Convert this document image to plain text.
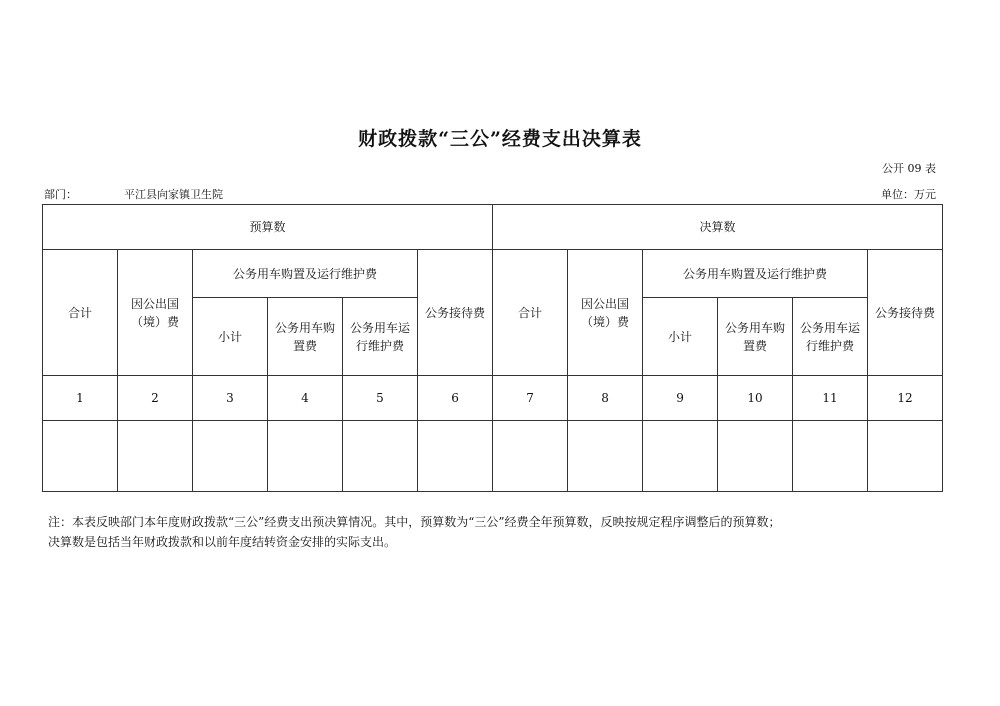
财政拨款“三公”经费支出决算表
公开 09 表
部门：	平江县向家镇卫生院	单位：万元
预算数						决算数					
合计	因公出国（境）费	公务用车购置及运行维护费			公务接待费	合计	因公出国（境）费	公务用车购置及运行维护费			公务接待费
		小计	公务用车购置费	公务用车运行维护费				小计	公务用车购置费	公务用车运行维护费	
1	2	3	4	5	6	7	8	9	10	11	12

注：本表反映部门本年度财政拨款“三公”经费支出预决算情况。其中，预算数为“三公”经费全年预算数，反映按规定程序调整后的预算数；
决算数是包括当年财政拨款和以前年度结转资金安排的实际支出。
